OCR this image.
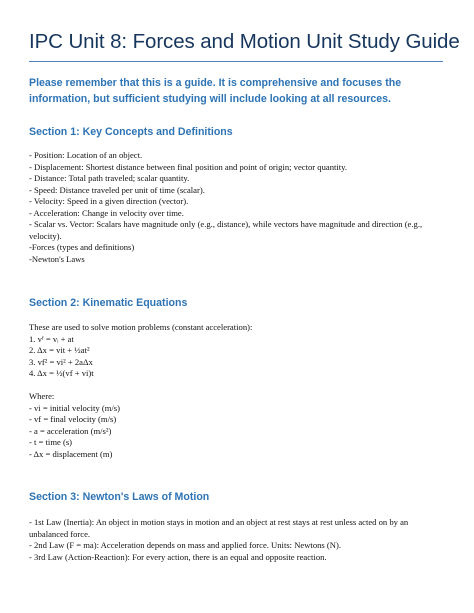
IPC Unit 8: Forces and Motion Unit Study Guide
Please remember that this is a guide. It is comprehensive and focuses the information, but sufficient studying will include looking at all resources.
Section 1: Key Concepts and Definitions
- Position: Location of an object.
- Displacement: Shortest distance between final position and point of origin; vector quantity.
- Distance: Total path traveled; scalar quantity.
- Speed: Distance traveled per unit of time (scalar).
- Velocity: Speed in a given direction (vector).
- Acceleration: Change in velocity over time.
- Scalar vs. Vector: Scalars have magnitude only (e.g., distance), while vectors have magnitude and direction (e.g., velocity).
-Forces (types and definitions)
-Newton's Laws
Section 2: Kinematic Equations
These are used to solve motion problems (constant acceleration):
1. vᶠ = vᵢ + at
2. Δx = vit + ½at²
3. vf² = vi² + 2aΔx
4. Δx = ½(vf + vi)t
Where:
- vi = initial velocity (m/s)
- vf = final velocity (m/s)
- a = acceleration (m/s²)
- t = time (s)
- Δx = displacement (m)
Section 3: Newton's Laws of Motion
- 1st Law (Inertia): An object in motion stays in motion and an object at rest stays at rest unless acted on by an unbalanced force.
- 2nd Law (F = ma): Acceleration depends on mass and applied force. Units: Newtons (N).
- 3rd Law (Action-Reaction): For every action, there is an equal and opposite reaction.
